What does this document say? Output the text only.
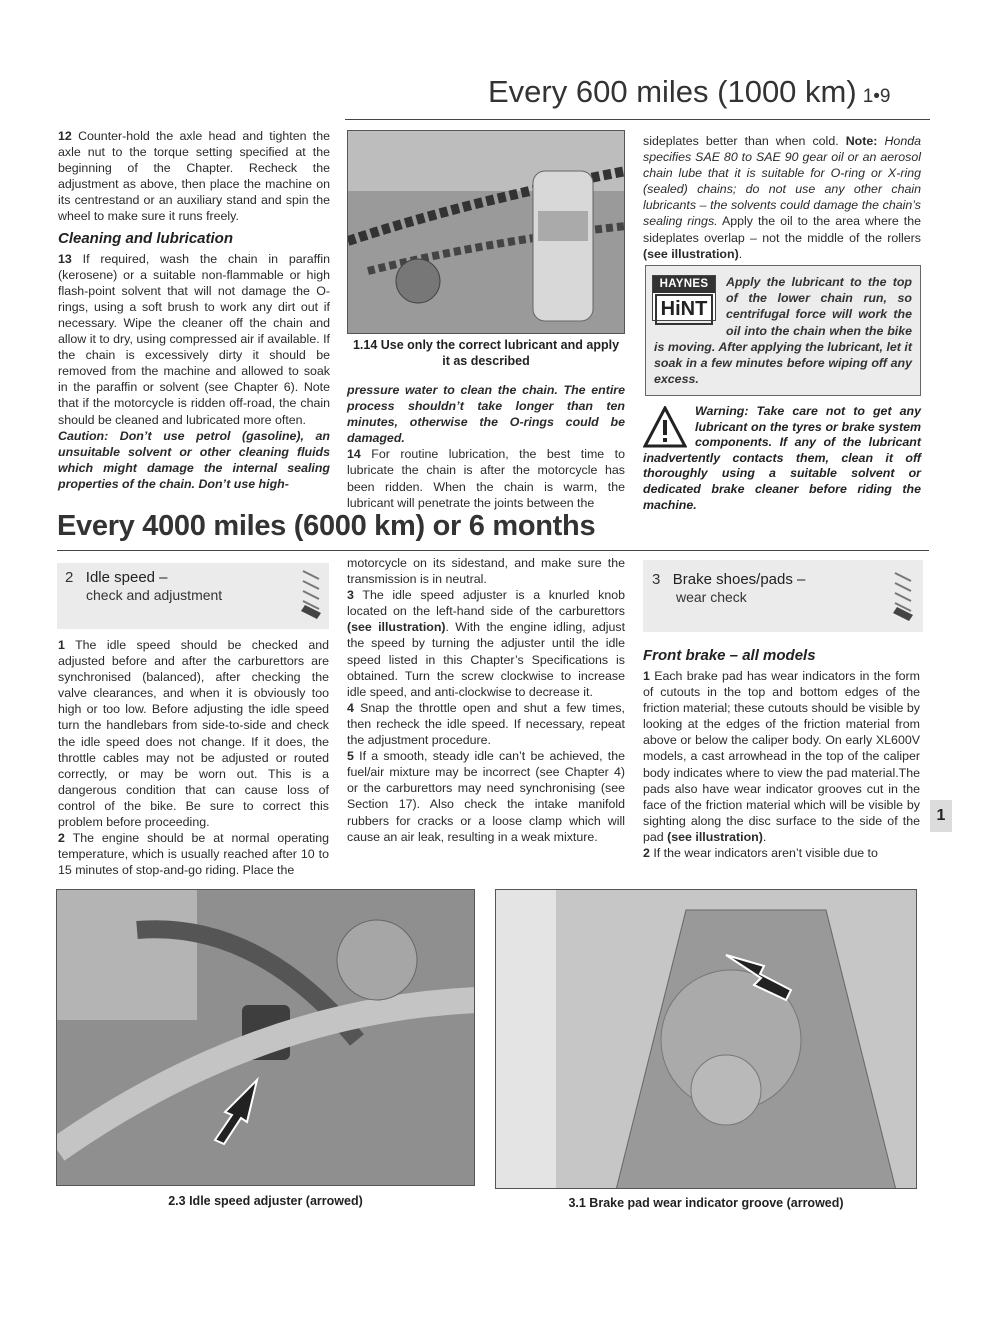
Every 600 miles (1000 km) 1•9

12 Counter-hold the axle head and tighten the axle nut to the torque setting specified at the beginning of the Chapter. Recheck the adjustment as above, then place the machine on its centrestand or an auxiliary stand and spin the wheel to make sure it runs freely.

Cleaning and lubrication

13 If required, wash the chain in paraffin (kerosene) or a suitable non-flammable or high flash-point solvent that will not damage the O-rings, using a soft brush to work any dirt out if necessary. Wipe the cleaner off the chain and allow it to dry, using compressed air if available. If the chain is excessively dirty it should be removed from the machine and allowed to soak in the paraffin or solvent (see Chapter 6). Note that if the motorcycle is ridden off-road, the chain should be cleaned and lubricated more often.

Caution: Don’t use petrol (gasoline), an unsuitable solvent or other cleaning fluids which might damage the internal sealing properties of the chain. Don’t use high-

1.14 Use only the correct lubricant and apply it as described

pressure water to clean the chain. The entire process shouldn’t take longer than ten minutes, otherwise the O-rings could be damaged.

14 For routine lubrication, the best time to lubricate the chain is after the motorcycle has been ridden. When the chain is warm, the lubricant will penetrate the joints between the

sideplates better than when cold. Note: Honda specifies SAE 80 to SAE 90 gear oil or an aerosol chain lube that it is suitable for O-ring or X-ring (sealed) chains; do not use any other chain lubricants – the solvents could damage the chain’s sealing rings. Apply the oil to the area where the sideplates overlap – not the middle of the rollers (see illustration).

Apply the lubricant to the top of the lower chain run, so centrifugal force will work the oil into the chain when the bike is moving. After applying the lubricant, let it soak in a few minutes before wiping off any excess.
HAYNES
HiNT
Warning: Take care not to get any lubricant on the tyres or brake system components. If any of the lubricant inadvertently contacts them, clean it off thoroughly using a suitable solvent or dedicated brake cleaner before riding the machine.
Every 4000 miles (6000 km) or 6 months
2 Idle speed –
check and adjustment

1 The idle speed should be checked and adjusted before and after the carburettors are synchronised (balanced), after checking the valve clearances, and when it is obviously too high or too low. Before adjusting the idle speed turn the handlebars from side-to-side and check the idle speed does not change. If it does, the throttle cables may not be adjusted or routed correctly, or may be worn out. This is a dangerous condition that can cause loss of control of the bike. Be sure to correct this problem before proceeding.

2 The engine should be at normal operating temperature, which is usually reached after 10 to 15 minutes of stop-and-go riding. Place the

motorcycle on its sidestand, and make sure the transmission is in neutral.

3 The idle speed adjuster is a knurled knob located on the left-hand side of the carburettors (see illustration). With the engine idling, adjust the speed by turning the adjuster until the idle speed listed in this Chapter’s Specifications is obtained. Turn the screw clockwise to increase idle speed, and anti-clockwise to decrease it.

4 Snap the throttle open and shut a few times, then recheck the idle speed. If necessary, repeat the adjustment procedure.

5 If a smooth, steady idle can’t be achieved, the fuel/air mixture may be incorrect (see Chapter 4) or the carburettors may need synchronising (see Section 17). Also check the intake manifold rubbers for cracks or a loose clamp which will cause an air leak, resulting in a weak mixture.

3 Brake shoes/pads –
wear check
Front brake – all models

1 Each brake pad has wear indicators in the form of cutouts in the top and bottom edges of the friction material; these cutouts should be visible by looking at the edges of the friction material from above or below the caliper body. On early XL600V models, a cast arrowhead in the top of the caliper body indicates where to view the pad material.The pads also have wear indicator grooves cut in the face of the friction material which will be visible by sighting along the disc surface to the side of the pad (see illustration).

2 If the wear indicators aren’t visible due to

1
2.3 Idle speed adjuster (arrowed)	3.1 Brake pad wear indicator groove (arrowed)
